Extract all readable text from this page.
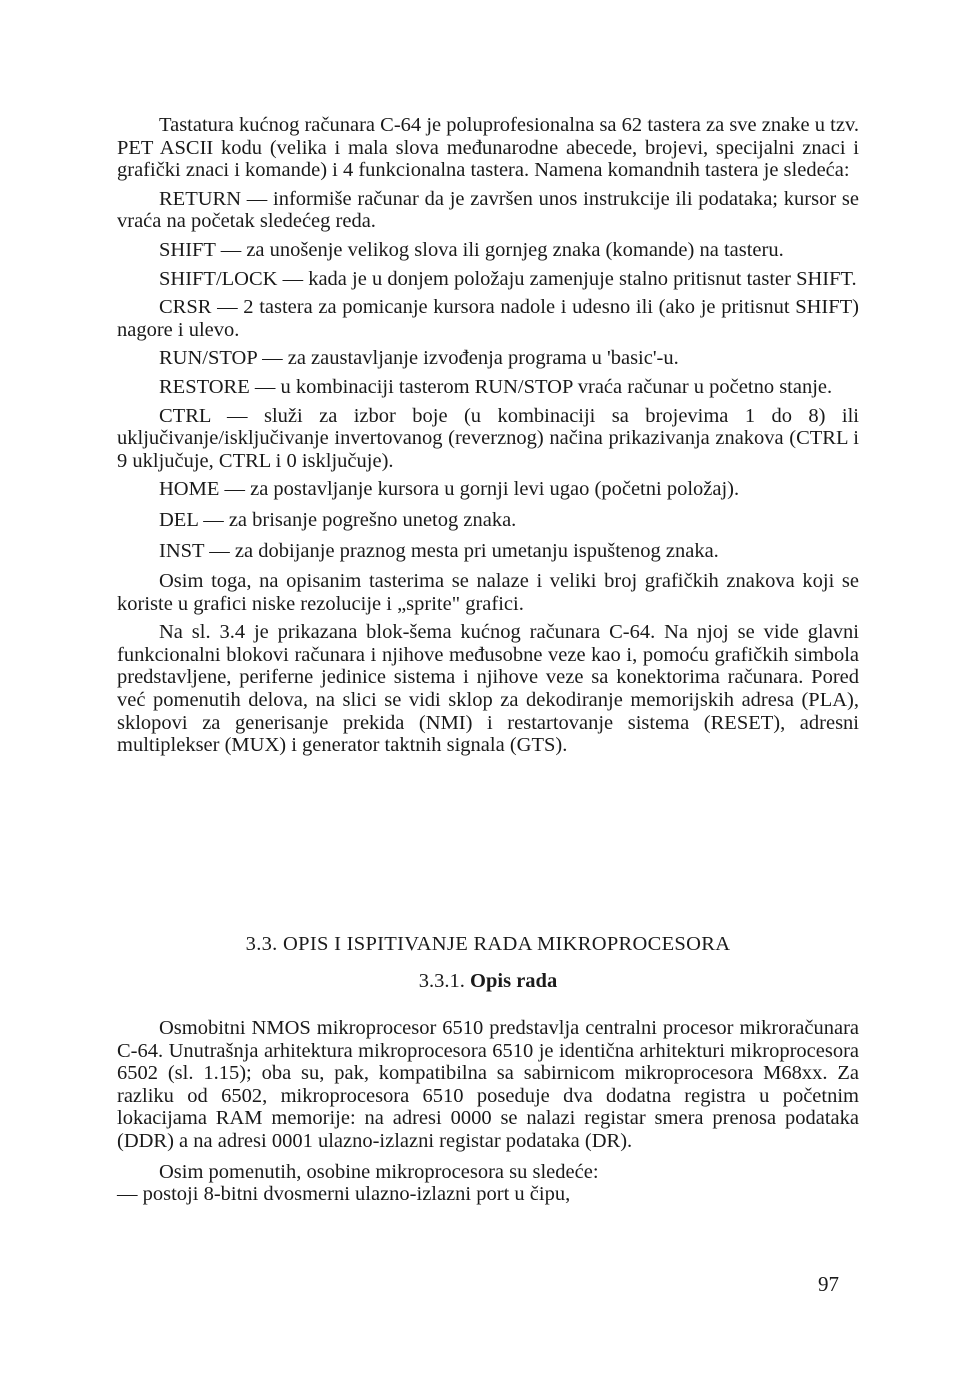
Tastatura kućnog računara C-64 je poluprofesionalna sa 62 tastera za sve znake u tzv. PET ASCII kodu (velika i mala slova međunarodne abecede, brojevi, specijalni znaci i grafički znaci i komande) i 4 funkcionalna tastera. Namena komandnih tastera je sledeća:

RETURN — informiše računar da je završen unos instrukcije ili podataka; kursor se vraća na početak sledećeg reda.

SHIFT — za unošenje velikog slova ili gornjeg znaka (komande) na tasteru.

SHIFT/LOCK — kada je u donjem položaju zamenjuje stalno pritisnut taster SHIFT.

CRSR — 2 tastera za pomicanje kursora nadole i udesno ili (ako je pritisnut SHIFT) nagore i ulevo.

RUN/STOP — za zaustavljanje izvođenja programa u 'basic'-u.

RESTORE — u kombinaciji tasterom RUN/STOP vraća računar u početno stanje.

CTRL — služi za izbor boje (u kombinaciji sa brojevima 1 do 8) ili uključivanje/isključivanje invertovanog (reverznog) načina prikazivanja znakova (CTRL i 9 uključuje, CTRL i 0 isključuje).

HOME — za postavljanje kursora u gornji levi ugao (početni položaj).

DEL — za brisanje pogrešno unetog znaka.

INST — za dobijanje praznog mesta pri umetanju ispuštenog znaka.

Osim toga, na opisanim tasterima se nalaze i veliki broj grafičkih znakova koji se koriste u grafici niske rezolucije i „sprite" grafici.

Na sl. 3.4 je prikazana blok-šema kućnog računara C-64. Na njoj se vide glavni funkcionalni blokovi računara i njihove međusobne veze kao i, pomoću grafičkih simbola predstavljene, periferne jedinice sistema i njihove veze sa konektorima računara. Pored već pomenutih delova, na slici se vidi sklop za dekodiranje memorijskih adresa (PLA), sklopovi za generisanje prekida (NMI) i restartovanje sistema (RESET), adresni multiplekser (MUX) i generator taktnih signala (GTS).

3.3. OPIS I ISPITIVANJE RADA MIKROPROCESORA
3.3.1. Opis rada

Osmobitni NMOS mikroprocesor 6510 predstavlja centralni procesor mikroračunara C-64. Unutrašnja arhitektura mikroprocesora 6510 je identična arhitekturi mikroprocesora 6502 (sl. 1.15); oba su, pak, kompatibilna sa sabirnicom mikroprocesora M68xx. Za razliku od 6502, mikroprocesora 6510 poseduje dva dodatna registra u početnim lokacijama RAM memorije: na adresi 0000 se nalazi registar smera prenosa podataka (DDR) a na adresi 0001 ulazno-izlazni registar podataka (DR).

Osim pomenutih, osobine mikroprocesora su sledeće:

— postoji 8-bitni dvosmerni ulazno-izlazni port u čipu,

97
